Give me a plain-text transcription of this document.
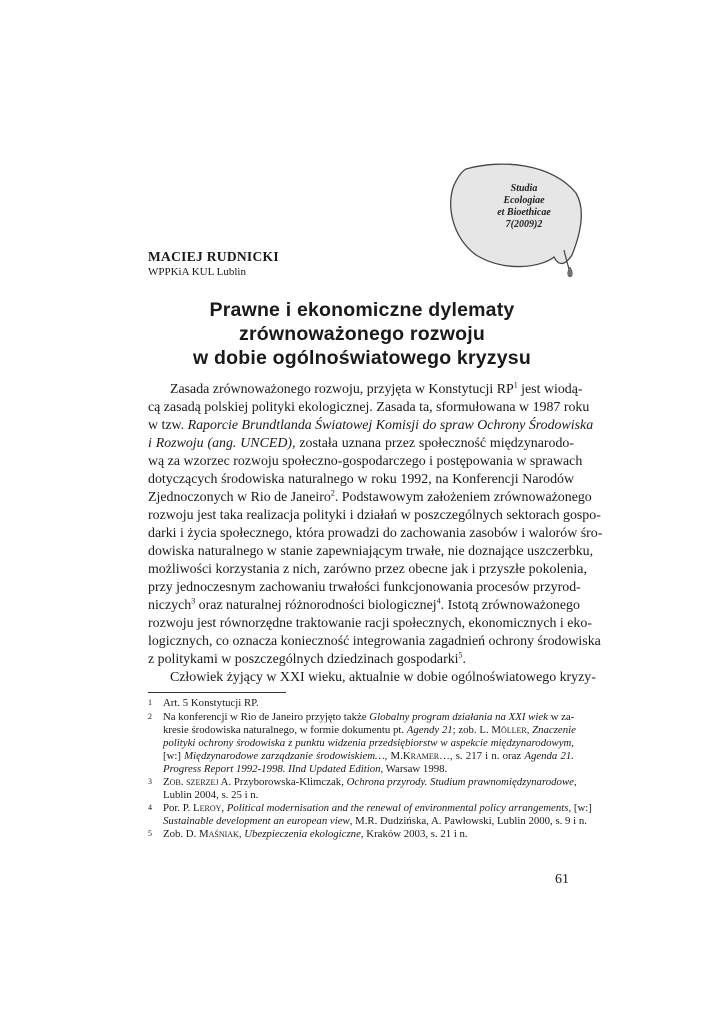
Studia
Ecologiae
et Bioethicae
7(2009)2
MACIEJ RUDNICKI
WPPKiA KUL Lublin
Prawne i ekonomiczne dylematy
zrównoważonego rozwoju
w dobie ogólnoświatowego kryzysu
Zasada zrównoważonego rozwoju, przyjęta w Konstytucji $RP^1$ jest wiodą-
cą zasadą polskiej polityki ekologicznej. Zasada ta, sformułowana w 1987 roku
w tzw. Raporcie Brundtlanda Światowej Komisji do spraw Ochrony Środowiska
i Rozwoju (ang. UNCED), została uznana przez społeczność międzynarodo-
wą za wzorzec rozwoju społeczno-gospodarczego i postępowania w sprawach
dotyczących środowiska naturalnego w roku 1992, na Konferencji Narodów
Zjednoczonych w Rio de Janeiro$^2$. Podstawowym założeniem zrównoważonego
rozwoju jest taka realizacja polityki i działań w poszczególnych sektorach gospo-
darki i życia społecznego, która prowadzi do zachowania zasobów i walorów śro-
dowiska naturalnego w stanie zapewniającym trwałe, nie doznające uszczerbku,
możliwości korzystania z nich, zarówno przez obecne jak i przyszłe pokolenia,
przy jednoczesnym zachowaniu trwałości funkcjonowania procesów przyrod-
niczych$^3$ oraz naturalnej różnorodności biologicznej$^4$. Istotą zrównoważonego
rozwoju jest równorzędne traktowanie racji społecznych, ekonomicznych i eko-
logicznych, co oznacza konieczność integrowania zagadnień ochrony środowiska
z politykami w poszczególnych dziedzinach gospodarki$^5$.
Człowiek żyjący w XXI wieku, aktualnie w dobie ogólnoświatowego kryzy-
1 Art. 5 Konstytucji RP.
2 Na konferencji w Rio de Janeiro przyjęto także Globalny program działania na XXI wiek w za-
kresie środowiska naturalnego, w formie dokumentu pt. Agendy 21; zob. L. Möller, Znaczenie
polityki ochrony środowiska z punktu widzenia przedsiębiorstw w aspekcie międzynarodowym,
[w:] Międzynarodowe zarządzanie środowiskiem…, M.Kramer…, s. 217 i n. oraz Agenda 21.
Progress Report 1992-1998. IInd Updated Edition, Warsaw 1998.
3 Zob. szerzej A. Przyborowska-Klimczak, Ochrona przyrody. Studium prawnomiędzynarodowe,
Lublin 2004, s. 25 i n.
4 Por. P. Leroy, Political modernisation and the renewal of environmental policy arrangements, [w:]
Sustainable development an european view, M.R. Dudzińska, A. Pawłowski, Lublin 2000, s. 9 i n.
5 Zob. D. Maśniak, Ubezpieczenia ekologiczne, Kraków 2003, s. 21 i n.
61
